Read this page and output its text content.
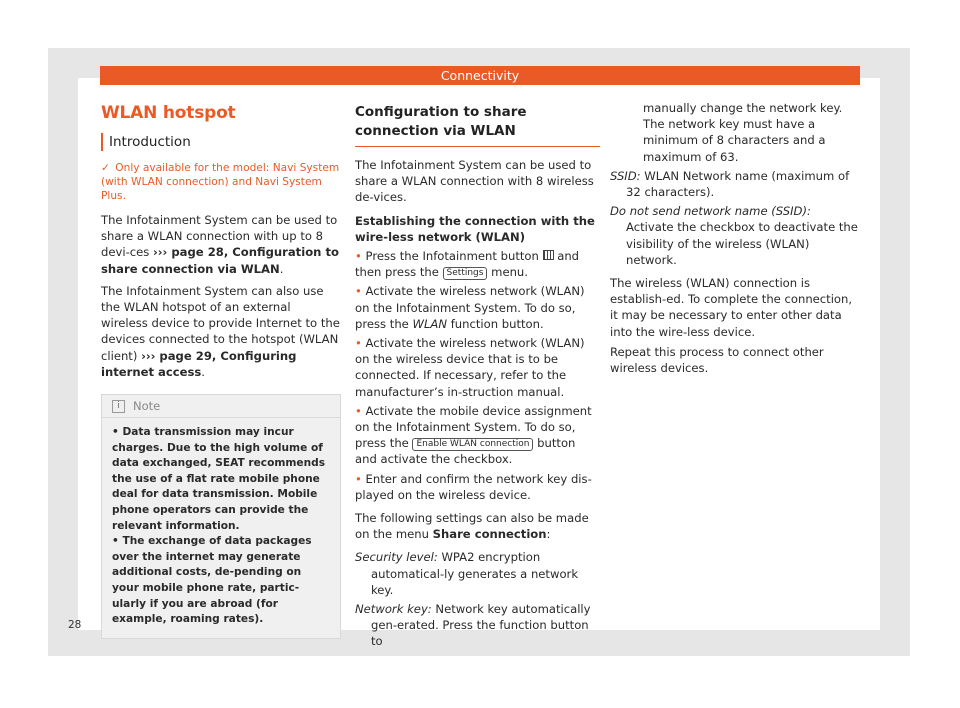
Connectivity
WLAN hotspot
Introduction

✓ Only available for the model: Navi System (with WLAN connection) and Navi System Plus.

The Infotainment System can be used to share a WLAN connection with up to 8 devi-ces ››› page 28, Configuration to share connection via WLAN.

The Infotainment System can also use the WLAN hotspot of an external wireless device to provide Internet to the devices connected to the hotspot (WLAN client) ››› page 29, Configuring internet access.

i Note

• Data transmission may incur charges. Due to the high volume of data exchanged, SEAT recommends the use of a flat rate mobile phone deal for data transmission. Mobile phone operators can provide the relevant information.

• The exchange of data packages over the internet may generate additional costs, de-pending on your mobile phone rate, partic-ularly if you are abroad (for example, roaming rates).

Configuration to share connection via WLAN

The Infotainment System can be used to share a WLAN connection with 8 wireless de-vices.

Establishing the connection with the wire-less network (WLAN)

• Press the Infotainment button and then press the Settings menu.

• Activate the wireless network (WLAN) on the Infotainment System. To do so, press the WLAN function button.

• Activate the wireless network (WLAN) on the wireless device that is to be connected. If necessary, refer to the manufacturer’s in-struction manual.

• Activate the mobile device assignment on the Infotainment System. To do so, press the Enable WLAN connection button and activate the checkbox.

• Enter and confirm the network key dis-played on the wireless device.

The following settings can also be made on the menu Share connection:

Security level: WPA2 encryption automatical-ly generates a network key.

Network key: Network key automatically gen-erated. Press the function button to

manually change the network key. The network key must have a minimum of 8 characters and a maximum of 63.

SSID: WLAN Network name (maximum of 32 characters).

Do not send network name (SSID): Activate the checkbox to deactivate the visibility of the wireless (WLAN) network.

The wireless (WLAN) connection is establish-ed. To complete the connection, it may be necessary to enter other data into the wire-less device.

Repeat this process to connect other wireless devices.

28
